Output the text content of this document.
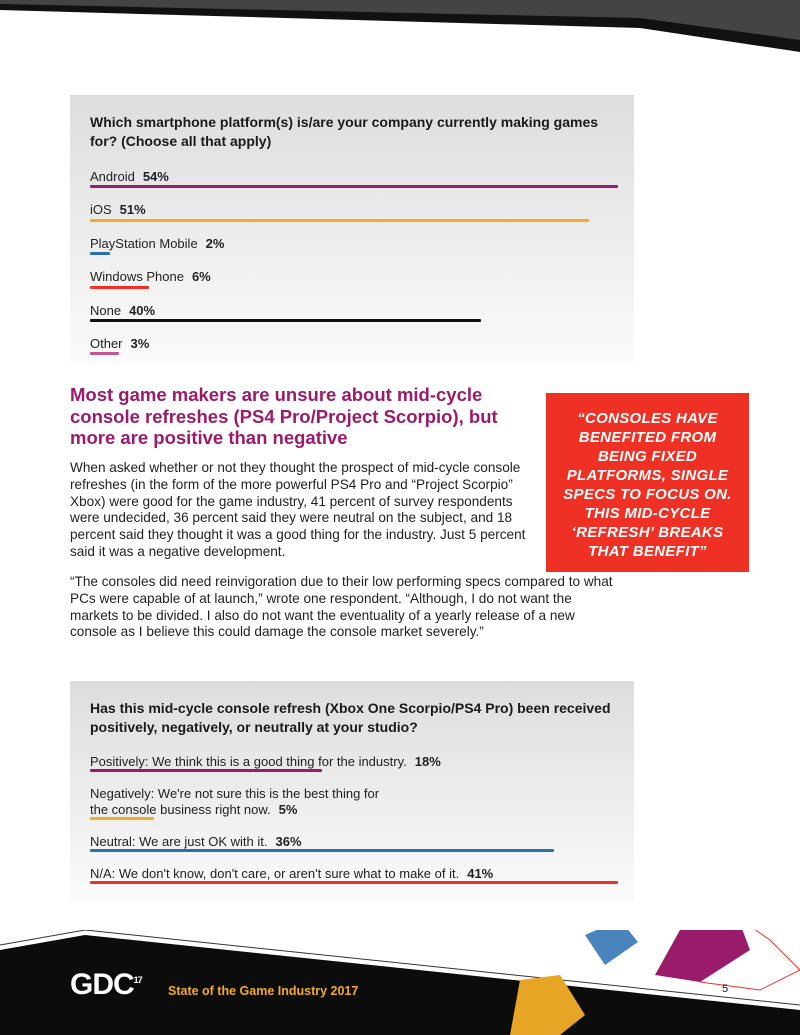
Which smartphone platform(s) is/are your company currently making games for? (Choose all that apply)
Android 54%
iOS 51%
PlayStation Mobile 2%
Windows Phone 6%
None 40%
Other 3%
Most game makers are unsure about mid-cycle console refreshes (PS4 Pro/Project Scorpio), but more are positive than negative

When asked whether or not they thought the prospect of mid-cycle console refreshes (in the form of the more powerful PS4 Pro and “Project Scorpio” Xbox) were good for the game industry, 41 percent of survey respondents were undecided, 36 percent said they were neutral on the subject, and 18 percent said they thought it was a good thing for the industry. Just 5 percent said it was a negative development.

“The consoles did need reinvigoration due to their low performing specs compared to what PCs were capable of at launch,” wrote one respondent. “Although, I do not want the markets to be divided. I also do not want the eventuality of a yearly release of a new console as I believe this could damage the console market severely.”

“CONSOLES HAVE BENEFITED FROM BEING FIXED PLATFORMS, SINGLE SPECS TO FOCUS ON. THIS MID-CYCLE ‘REFRESH’ BREAKS THAT BENEFIT”
Has this mid-cycle console refresh (Xbox One Scorpio/PS4 Pro) been received positively, negatively, or neutrally at your studio?
Positively: We think this is a good thing for the industry. 18%
Negatively: We're not sure this is the best thing for the console business right now. 5%
Neutral: We are just OK with it. 36%
N/A: We don't know, don't care, or aren't sure what to make of it. 41%
GDC$^{17}$
State of the Game Industry 2017	5
